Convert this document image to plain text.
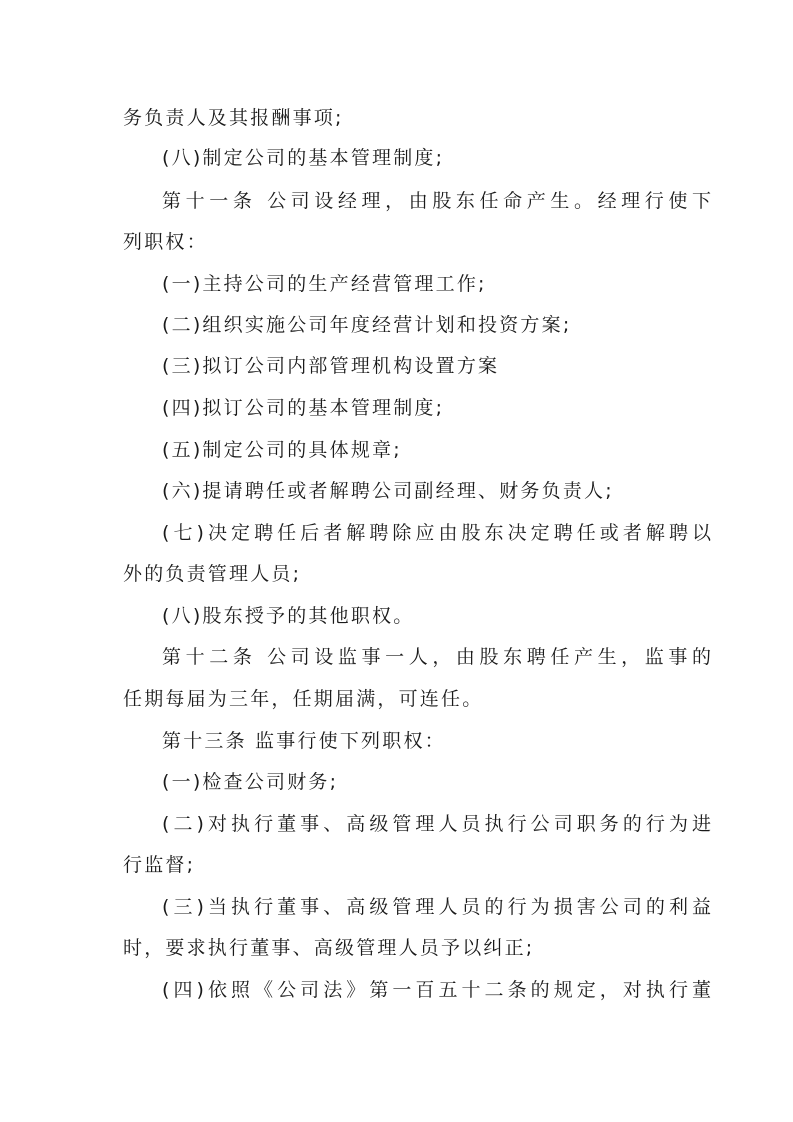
务负责人及其报酬事项;
(八)制定公司的基本管理制度;
第十一条 公司设经理，由股东任命产生。经理行使下
列职权：
(一)主持公司的生产经营管理工作;
(二)组织实施公司年度经营计划和投资方案;
(三)拟订公司内部管理机构设置方案
(四)拟订公司的基本管理制度;
(五)制定公司的具体规章;
(六)提请聘任或者解聘公司副经理、财务负责人;
(七)决定聘任后者解聘除应由股东决定聘任或者解聘以
外的负责管理人员;
(八)股东授予的其他职权。
第十二条 公司设监事一人，由股东聘任产生，监事的
任期每届为三年，任期届满，可连任。
第十三条 监事行使下列职权：
(一)检查公司财务;
(二)对执行董事、高级管理人员执行公司职务的行为进
行监督;
(三)当执行董事、高级管理人员的行为损害公司的利益
时，要求执行董事、高级管理人员予以纠正;
(四)依照《公司法》第一百五十二条的规定，对执行董
